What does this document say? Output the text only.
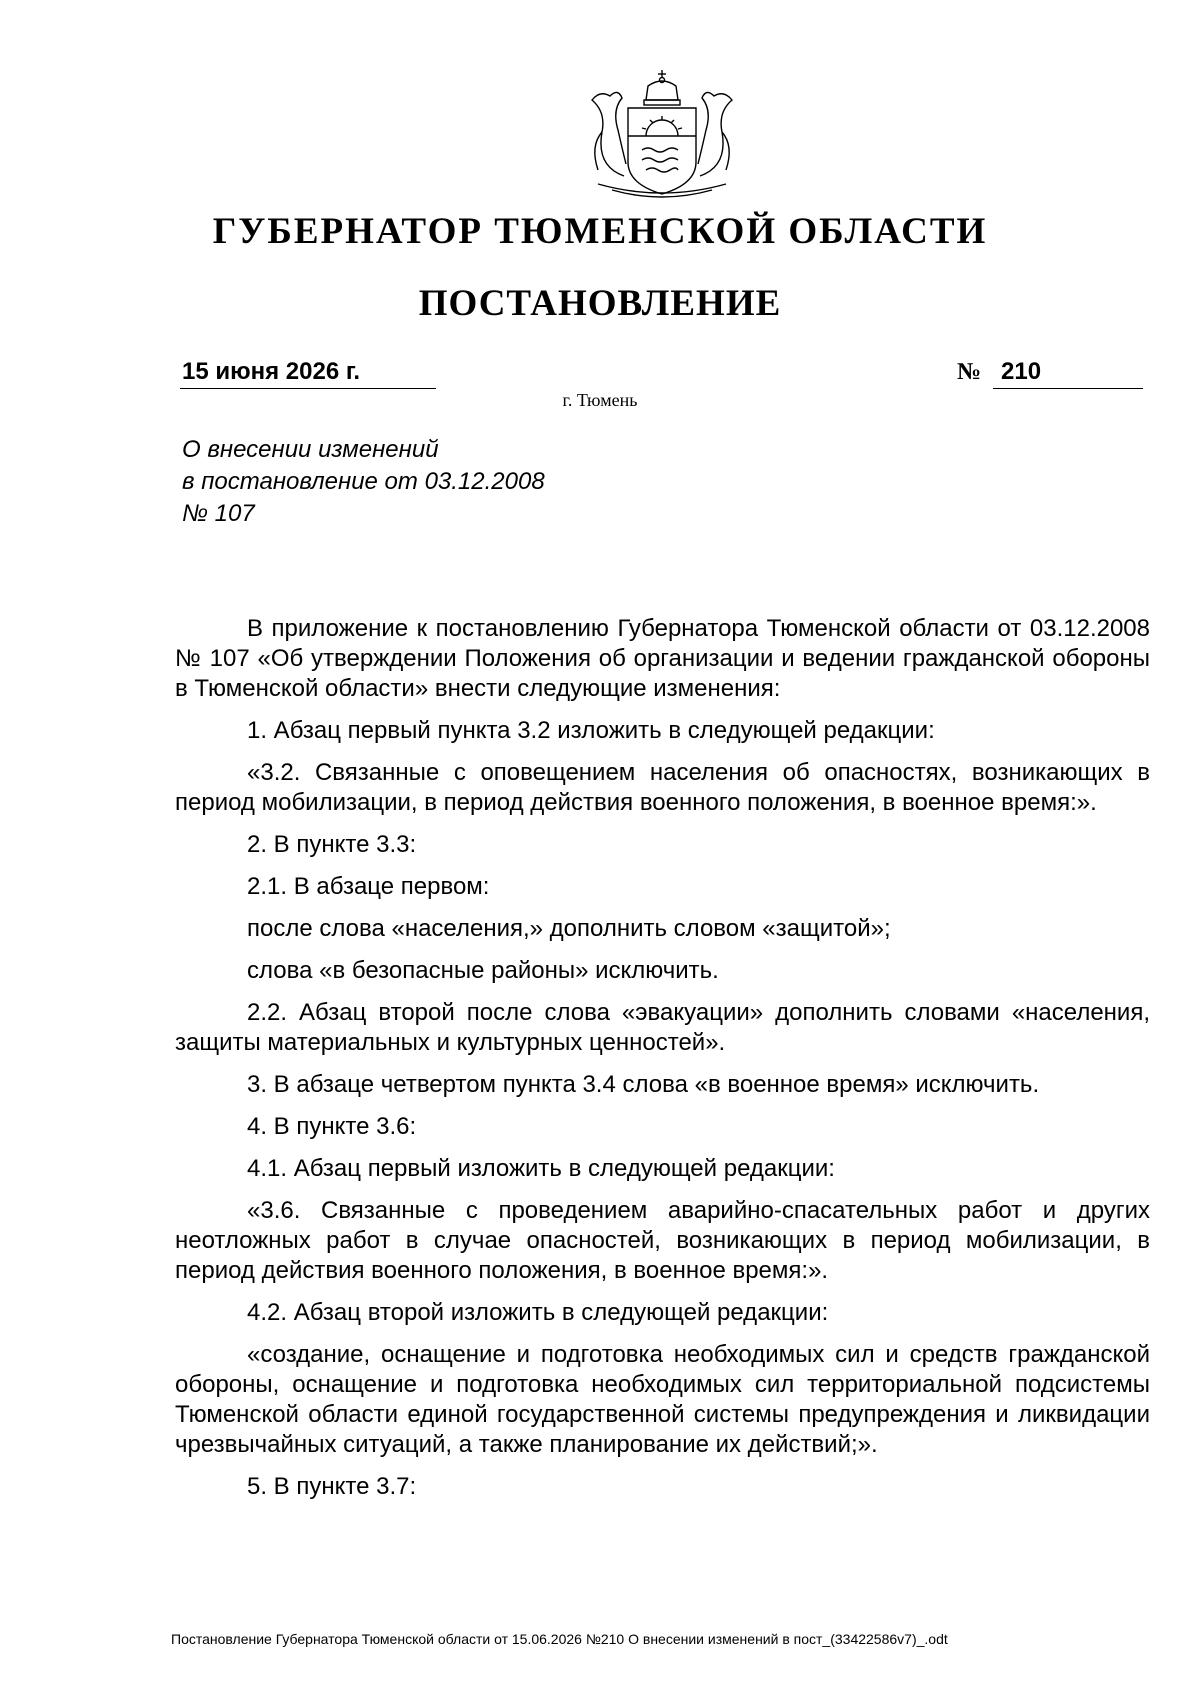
ГУБЕРНАТОР ТЮМЕНСКОЙ ОБЛАСТИ
ПОСТАНОВЛЕНИЕ
15 июня 2026 г.	№ 210
г. Тюмень
О внесении изменений
в постановление от 03.12.2008
№ 107

В приложение к постановлению Губернатора Тюменской области от 03.12.2008 № 107 «Об утверждении Положения об организации и ведении гражданской обороны в Тюменской области» внести следующие изменения:

1. Абзац первый пункта 3.2 изложить в следующей редакции:

«3.2. Связанные с оповещением населения об опасностях, возникающих в период мобилизации, в период действия военного положения, в военное время:».

2. В пункте 3.3:

2.1. В абзаце первом:

после слова «населения,» дополнить словом «защитой»;

слова «в безопасные районы» исключить.

2.2. Абзац второй после слова «эвакуации» дополнить словами «населения, защиты материальных и культурных ценностей».

3. В абзаце четвертом пункта 3.4 слова «в военное время» исключить.

4. В пункте 3.6:

4.1. Абзац первый изложить в следующей редакции:

«3.6. Связанные с проведением аварийно-спасательных работ и других неотложных работ в случае опасностей, возникающих в период мобилизации, в период действия военного положения, в военное время:».

4.2. Абзац второй изложить в следующей редакции:

«создание, оснащение и подготовка необходимых сил и средств гражданской обороны, оснащение и подготовка необходимых сил территориальной подсистемы Тюменской области единой государственной системы предупреждения и ликвидации чрезвычайных ситуаций, а также планирование их действий;».

5. В пункте 3.7:

Постановление Губернатора Тюменской области от 15.06.2026 №210 О внесении изменений в пост_(33422586v7)_.odt
